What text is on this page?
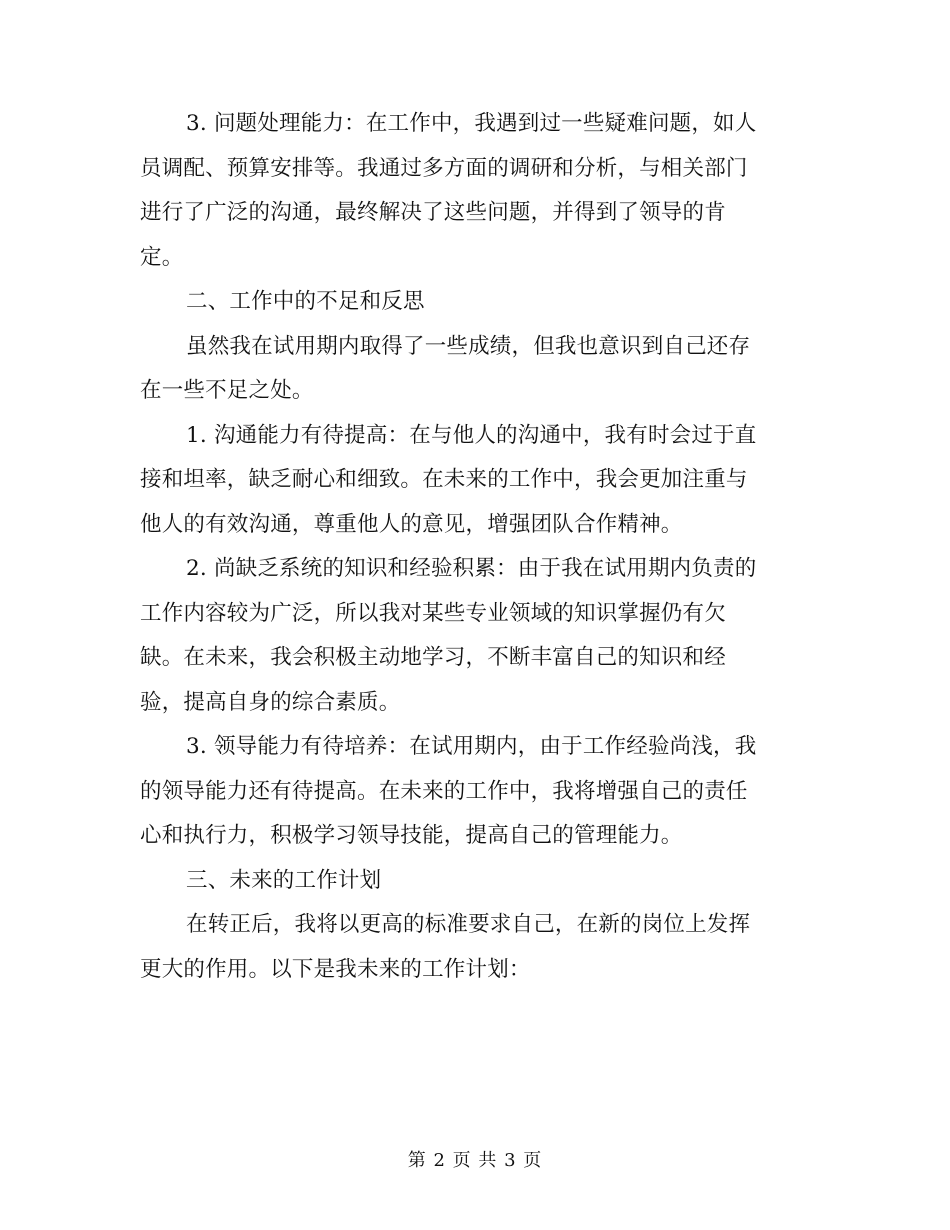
3. 问题处理能力：在工作中，我遇到过一些疑难问题，如人
员调配、预算安排等。我通过多方面的调研和分析，与相关部门
进行了广泛的沟通，最终解决了这些问题，并得到了领导的肯
定。
二、工作中的不足和反思
虽然我在试用期内取得了一些成绩，但我也意识到自己还存
在一些不足之处。
1. 沟通能力有待提高：在与他人的沟通中，我有时会过于直
接和坦率，缺乏耐心和细致。在未来的工作中，我会更加注重与
他人的有效沟通，尊重他人的意见，增强团队合作精神。
2. 尚缺乏系统的知识和经验积累：由于我在试用期内负责的
工作内容较为广泛，所以我对某些专业领域的知识掌握仍有欠
缺。在未来，我会积极主动地学习，不断丰富自己的知识和经
验，提高自身的综合素质。
3. 领导能力有待培养：在试用期内，由于工作经验尚浅，我
的领导能力还有待提高。在未来的工作中，我将增强自己的责任
心和执行力，积极学习领导技能，提高自己的管理能力。
三、未来的工作计划
在转正后，我将以更高的标准要求自己，在新的岗位上发挥
更大的作用。以下是我未来的工作计划：
第 2 页 共 3 页
